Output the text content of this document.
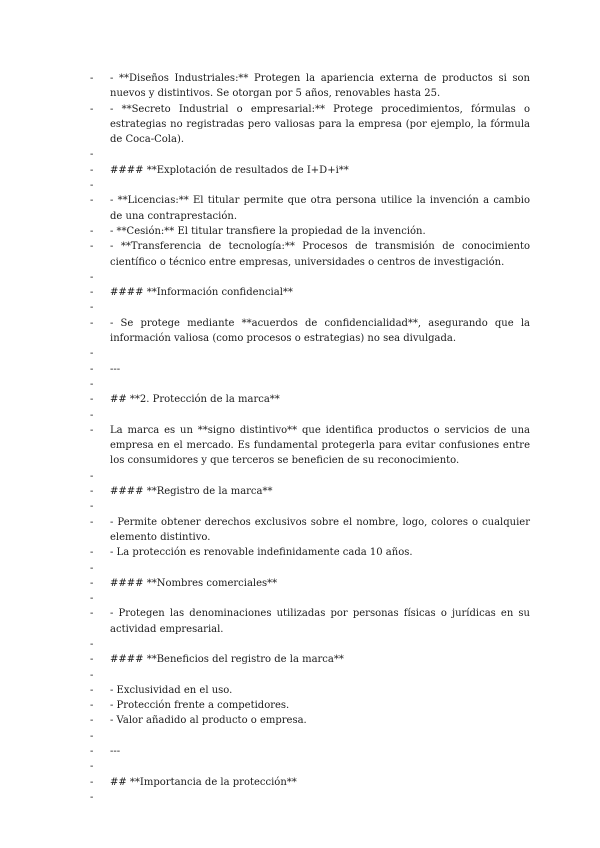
- - **Diseños Industriales:** Protegen la apariencia externa de productos si son nuevos y distintivos. Se otorgan por 5 años, renovables hasta 25.
- - **Secreto Industrial o empresarial:** Protege procedimientos, fórmulas o estrategias no registradas pero valiosas para la empresa (por ejemplo, la fórmula de Coca-Cola).
-
- #### **Explotación de resultados de I+D+i**
-
- - **Licencias:** El titular permite que otra persona utilice la invención a cambio de una contraprestación.
- - **Cesión:** El titular transfiere la propiedad de la invención.
- - **Transferencia de tecnología:** Procesos de transmisión de conocimiento científico o técnico entre empresas, universidades o centros de investigación.
-
- #### **Información confidencial**
-
- - Se protege mediante **acuerdos de confidencialidad**, asegurando que la información valiosa (como procesos o estrategias) no sea divulgada.
-
- ---
-
- ## **2. Protección de la marca**
-
- La marca es un **signo distintivo** que identifica productos o servicios de una empresa en el mercado. Es fundamental protegerla para evitar confusiones entre los consumidores y que terceros se beneficien de su reconocimiento.
-
- #### **Registro de la marca**
-
- - Permite obtener derechos exclusivos sobre el nombre, logo, colores o cualquier elemento distintivo.
- - La protección es renovable indefinidamente cada 10 años.
-
- #### **Nombres comerciales**
-
- - Protegen las denominaciones utilizadas por personas físicas o jurídicas en su actividad empresarial.
-
- #### **Beneficios del registro de la marca**
-
- - Exclusividad en el uso.
- - Protección frente a competidores.
- - Valor añadido al producto o empresa.
-
- ---
-
- ## **Importancia de la protección**
-
